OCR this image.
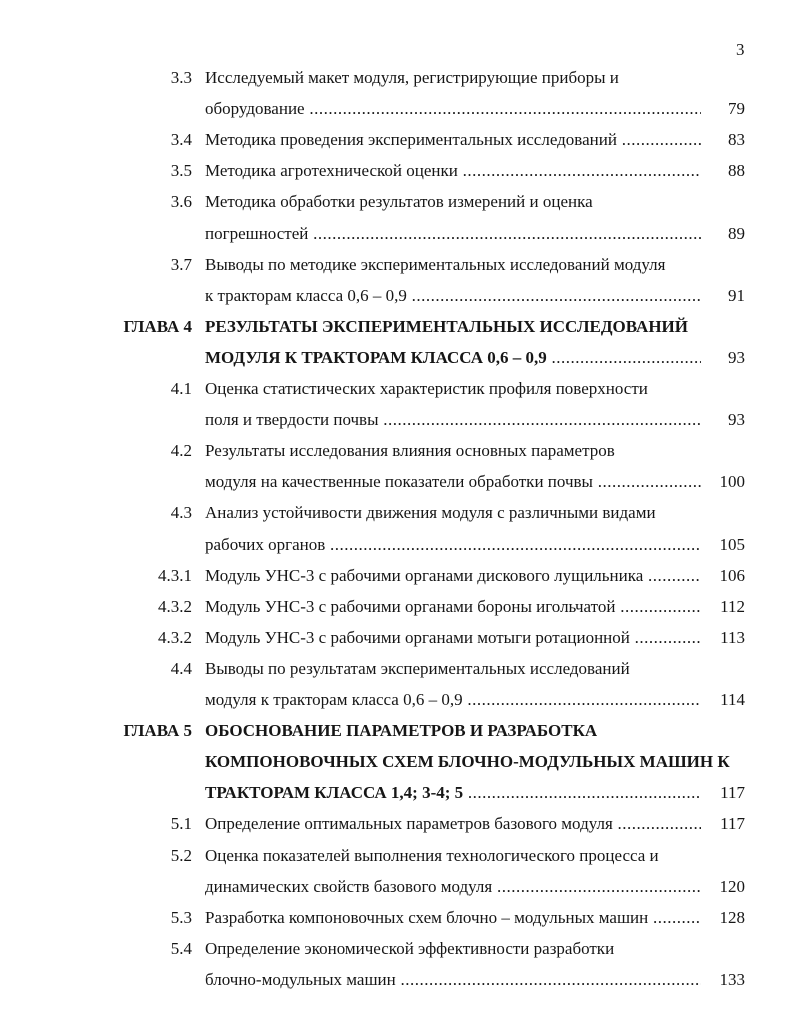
3
3.3 Исследуемый макет модуля, регистрирующие приборы и
оборудование .....	79
3.4 Методика проведения экспериментальных исследований .....	83
3.5 Методика агротехнической оценки .....	88
3.6 Методика обработки результатов измерений и оценка
погрешностей .....	89
3.7 Выводы по методике экспериментальных исследований модуля
к тракторам класса 0,6 – 0,9 .....	91
ГЛАВА 4 РЕЗУЛЬТАТЫ ЭКСПЕРИМЕНТАЛЬНЫХ ИССЛЕДОВАНИЙ
МОДУЛЯ К ТРАКТОРАМ КЛАССА 0,6 – 0,9 .....	93
4.1 Оценка статистических характеристик профиля поверхности
поля и твердости почвы .....	93
4.2 Результаты исследования влияния основных параметров
модуля на качественные показатели обработки почвы .....	100
4.3 Анализ устойчивости движения модуля с различными видами
рабочих органов .....	105
4.3.1 Модуль УНС-3 с рабочими органами дискового лущильника .....	106
4.3.2 Модуль УНС-3 с рабочими органами бороны игольчатой .....	112
4.3.2 Модуль УНС-3 с рабочими органами мотыги ротационной .....	113
4.4 Выводы по результатам экспериментальных исследований
модуля к тракторам класса 0,6 – 0,9 .....	114
ГЛАВА 5 ОБОСНОВАНИЕ ПАРАМЕТРОВ И РАЗРАБОТКА
КОМПОНОВОЧНЫХ СХЕМ БЛОЧНО-МОДУЛЬНЫХ МАШИН К
ТРАКТОРАМ КЛАССА 1,4; 3-4; 5 .....	117
5.1 Определение оптимальных параметров базового модуля .....	117
5.2 Оценка показателей выполнения технологического процесса и
динамических свойств базового модуля .....	120
5.3 Разработка компоновочных схем блочно – модульных машин .....	128
5.4 Определение экономической эффективности разработки
блочно-модульных машин .....	133
